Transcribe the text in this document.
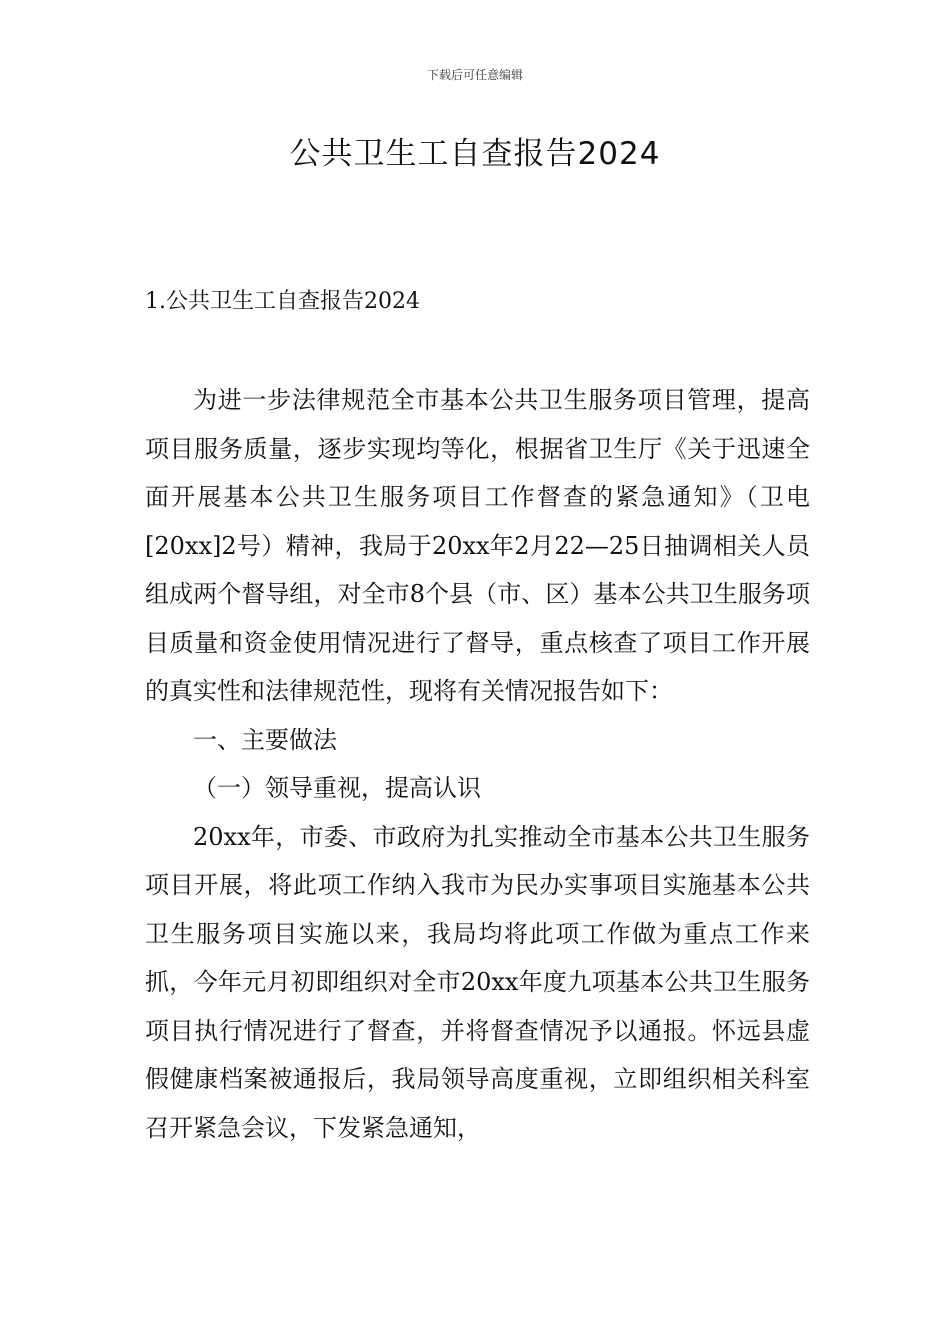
下载后可任意编辑
公共卫生工自查报告2024
1.公共卫生工自查报告2024

为进一步法律规范全市基本公共卫生服务项目管理，提高项目服务质量，逐步实现均等化，根据省卫生厅《关于迅速全面开展基本公共卫生服务项目工作督查的紧急通知》（卫电[20xx]2号）精神，我局于20xx年2月22—25日抽调相关人员组成两个督导组，对全市8个县（市、区）基本公共卫生服务项目质量和资金使用情况进行了督导，重点核查了项目工作开展的真实性和法律规范性，现将有关情况报告如下：

一、主要做法

（一）领导重视，提高认识

20xx年，市委、市政府为扎实推动全市基本公共卫生服务项目开展，将此项工作纳入我市为民办实事项目实施基本公共卫生服务项目实施以来，我局均将此项工作做为重点工作来抓，今年元月初即组织对全市20xx年度九项基本公共卫生服务项目执行情况进行了督查，并将督查情况予以通报。怀远县虚假健康档案被通报后，我局领导高度重视，立即组织相关科室召开紧急会议，下发紧急通知，
